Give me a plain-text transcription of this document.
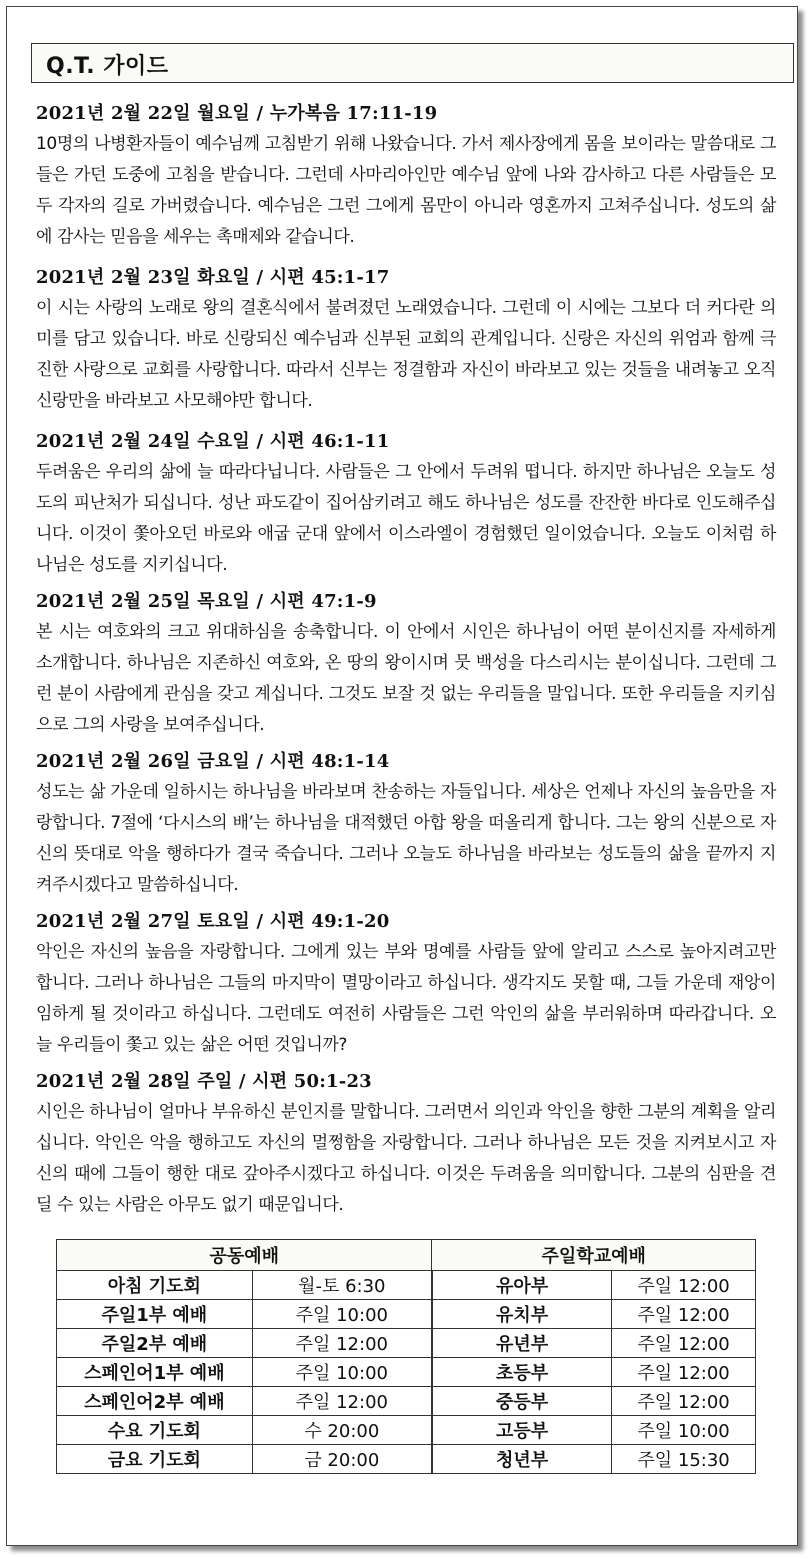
Q.T. 가이드
2021년 2월 22일 월요일 / 누가복음 17:11-19

10명의 나병환자들이 예수님께 고침받기 위해 나왔습니다. 가서 제사장에게 몸을 보이라는 말씀대로 그들은 가던 도중에 고침을 받습니다. 그런데 사마리아인만 예수님 앞에 나와 감사하고 다른 사람들은 모두 각자의 길로 가버렸습니다. 예수님은 그런 그에게 몸만이 아니라 영혼까지 고쳐주십니다. 성도의 삶에 감사는 믿음을 세우는 촉매제와 같습니다.

2021년 2월 23일 화요일 / 시편 45:1-17

이 시는 사랑의 노래로 왕의 결혼식에서 불려졌던 노래였습니다. 그런데 이 시에는 그보다 더 커다란 의미를 담고 있습니다. 바로 신랑되신 예수님과 신부된 교회의 관계입니다. 신랑은 자신의 위엄과 함께 극진한 사랑으로 교회를 사랑합니다. 따라서 신부는 정결함과 자신이 바라보고 있는 것들을 내려놓고 오직 신랑만을 바라보고 사모해야만 합니다.

2021년 2월 24일 수요일 / 시편 46:1-11

두려움은 우리의 삶에 늘 따라다닙니다. 사람들은 그 안에서 두려워 떱니다. 하지만 하나님은 오늘도 성도의 피난처가 되십니다. 성난 파도같이 집어삼키려고 해도 하나님은 성도를 잔잔한 바다로 인도해주십니다. 이것이 쫓아오던 바로와 애굽 군대 앞에서 이스라엘이 경험했던 일이었습니다. 오늘도 이처럼 하나님은 성도를 지키십니다.

2021년 2월 25일 목요일 / 시편 47:1-9

본 시는 여호와의 크고 위대하심을 송축합니다. 이 안에서 시인은 하나님이 어떤 분이신지를 자세하게 소개합니다. 하나님은 지존하신 여호와, 온 땅의 왕이시며 뭇 백성을 다스리시는 분이십니다. 그런데 그런 분이 사람에게 관심을 갖고 계십니다. 그것도 보잘 것 없는 우리들을 말입니다. 또한 우리들을 지키심으로 그의 사랑을 보여주십니다.

2021년 2월 26일 금요일 / 시편 48:1-14

성도는 삶 가운데 일하시는 하나님을 바라보며 찬송하는 자들입니다. 세상은 언제나 자신의 높음만을 자랑합니다. 7절에 ‘다시스의 배’는 하나님을 대적했던 아합 왕을 떠올리게 합니다. 그는 왕의 신분으로 자신의 뜻대로 악을 행하다가 결국 죽습니다. 그러나 오늘도 하나님을 바라보는 성도들의 삶을 끝까지 지켜주시겠다고 말씀하십니다.

2021년 2월 27일 토요일 / 시편 49:1-20

악인은 자신의 높음을 자랑합니다. 그에게 있는 부와 명예를 사람들 앞에 알리고 스스로 높아지려고만 합니다. 그러나 하나님은 그들의 마지막이 멸망이라고 하십니다. 생각지도 못할 때, 그들 가운데 재앙이 임하게 될 것이라고 하십니다. 그런데도 여전히 사람들은 그런 악인의 삶을 부러워하며 따라갑니다. 오늘 우리들이 쫓고 있는 삶은 어떤 것입니까?

2021년 2월 28일 주일 / 시편 50:1-23

시인은 하나님이 얼마나 부유하신 분인지를 말합니다. 그러면서 의인과 악인을 향한 그분의 계획을 알리십니다. 악인은 악을 행하고도 자신의 멀쩡함을 자랑합니다. 그러나 하나님은 모든 것을 지켜보시고 자신의 때에 그들이 행한 대로 갚아주시겠다고 하십니다. 이것은 두려움을 의미합니다. 그분의 심판을 견딜 수 있는 사람은 아무도 없기 때문입니다.

공동예배		주일학교예배	
아침 기도회	월-토 6:30	유아부	주일 12:00
주일1부 예배	주일 10:00	유치부	주일 12:00
주일2부 예배	주일 12:00	유년부	주일 12:00
스페인어1부 예배	주일 10:00	초등부	주일 12:00
스페인어2부 예배	주일 12:00	중등부	주일 12:00
수요 기도회	수 20:00	고등부	주일 10:00
금요 기도회	금 20:00	청년부	주일 15:30
